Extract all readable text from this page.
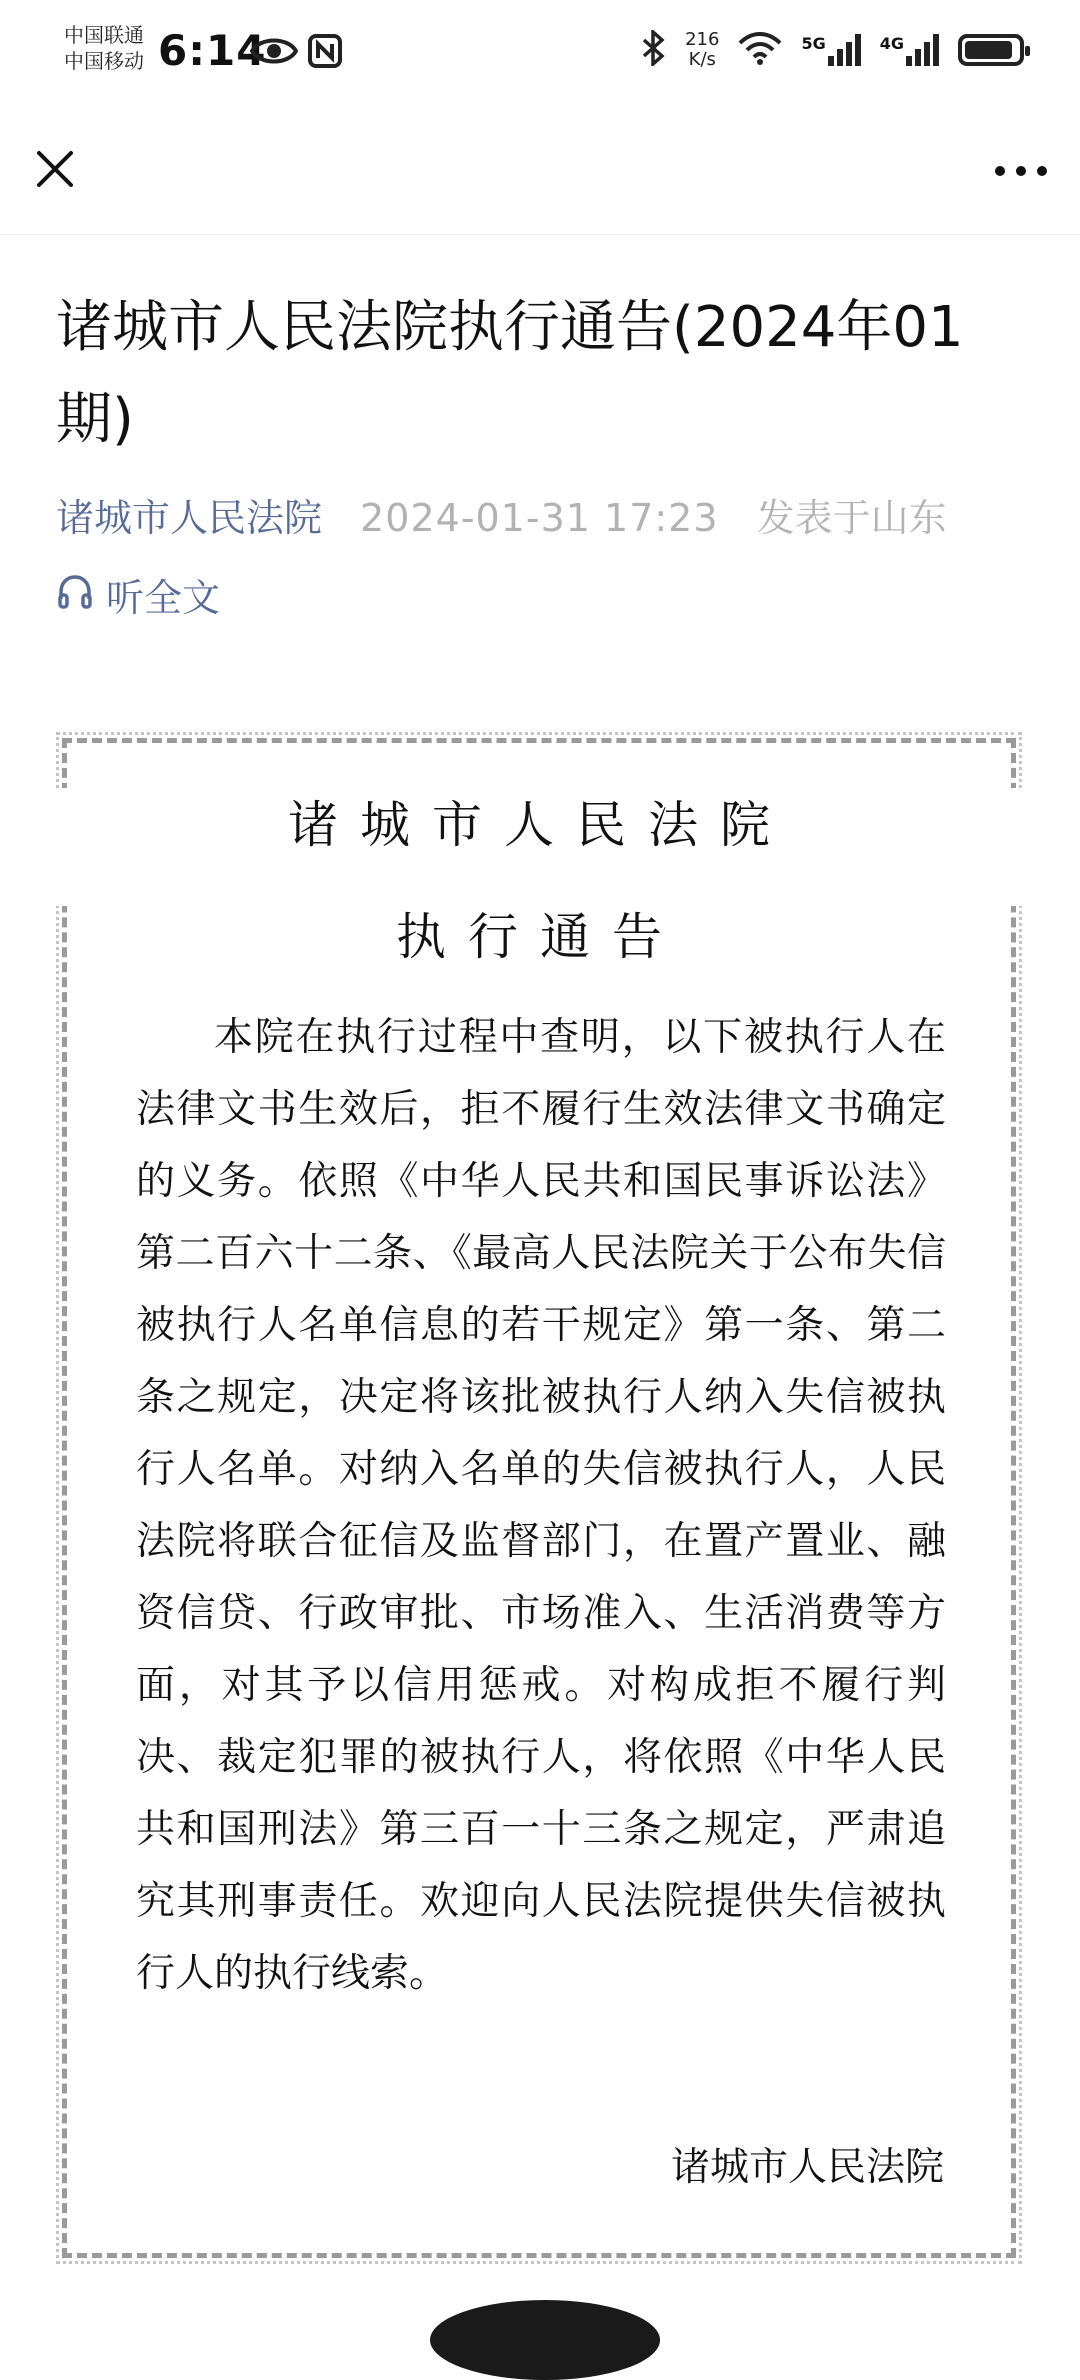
中国联通
中国移动 6:14	216
K/s
5G	4G
诸城市人民法院执行通告(2024年01期)
诸城市人民法院 2024-01-31 17:23 发表于山东
听全文
诸城市人民法院
执行通告

本院在执行过程中查明，以下被执行人在法律文书生效后，拒不履行生效法律文书确定的义务。依照《中华人民共和国民事诉讼法》第二百六十二条、《最高人民法院关于公布失信被执行人名单信息的若干规定》第一条、第二条之规定，决定将该批被执行人纳入失信被执行人名单。对纳入名单的失信被执行人，人民法院将联合征信及监督部门，在置产置业、融资信贷、行政审批、市场准入、生活消费等方面，对其予以信用惩戒。对构成拒不履行判决、裁定犯罪的被执行人，将依照《中华人民共和国刑法》第三百一十三条之规定，严肃追究其刑事责任。欢迎向人民法院提供失信被执行人的执行线索。

诸城市人民法院
